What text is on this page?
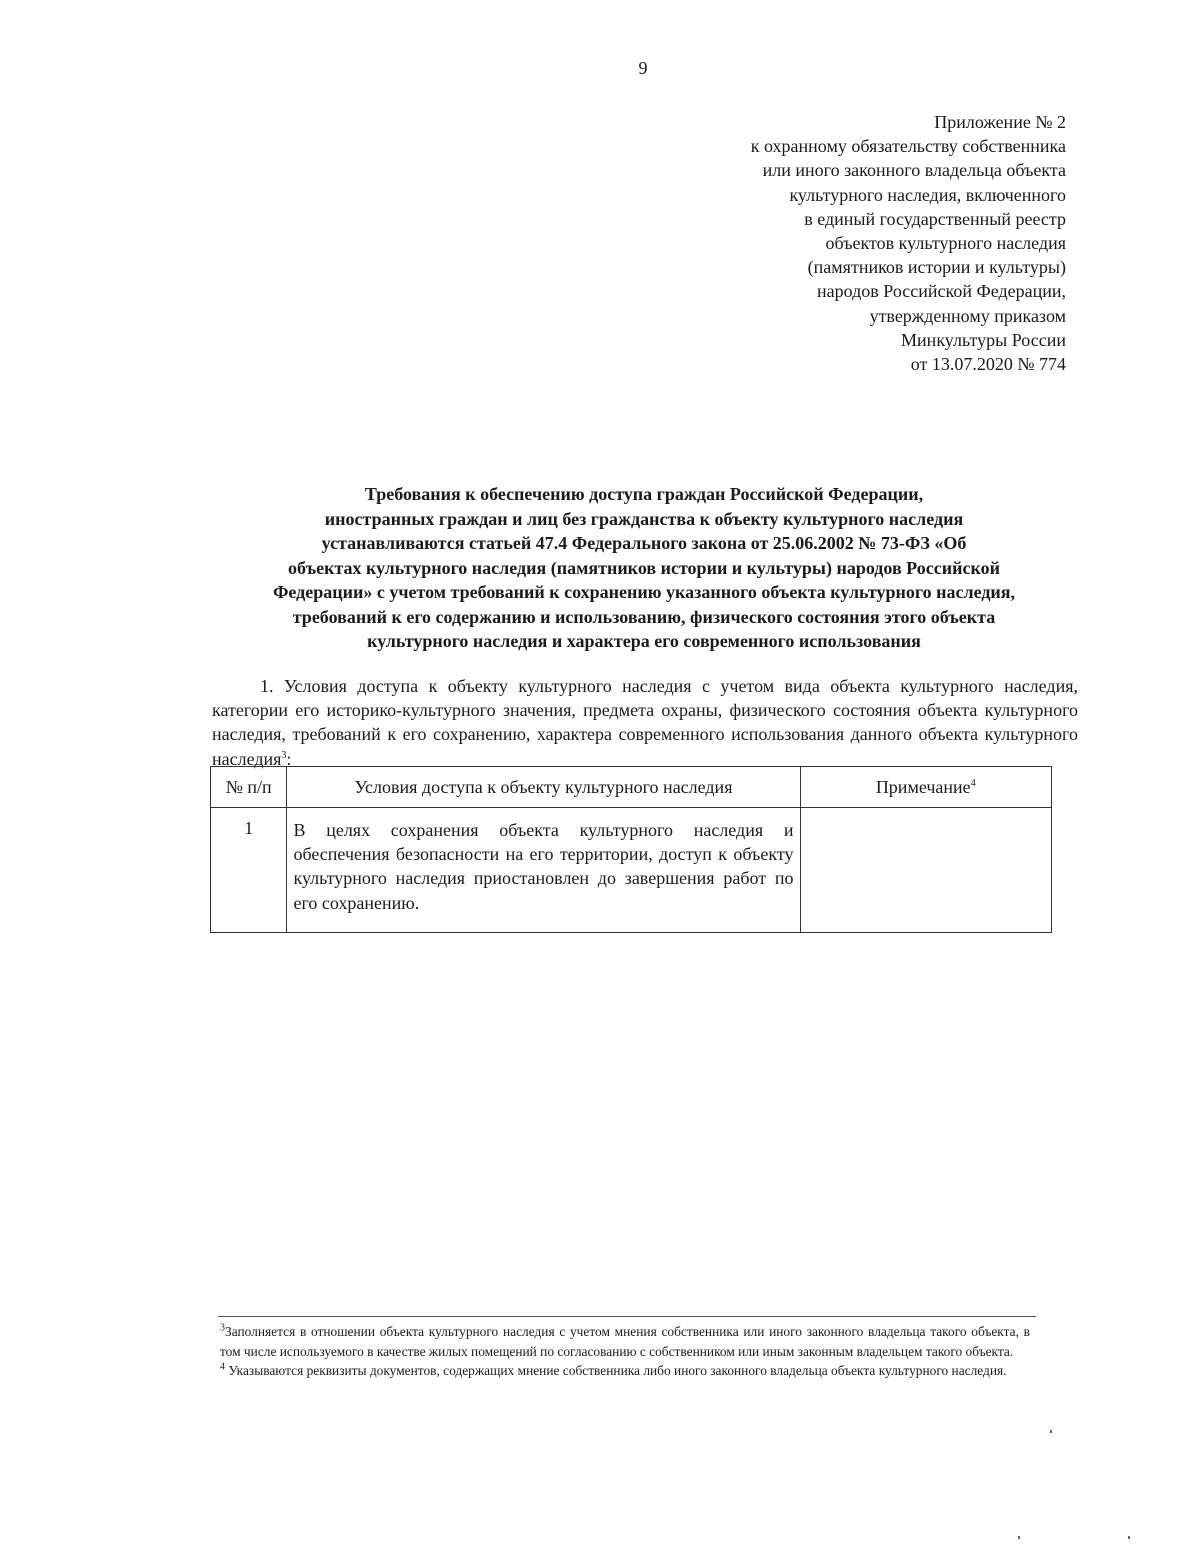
9
Приложение № 2
к охранному обязательству собственника
или иного законного владельца объекта
культурного наследия, включенного
в единый государственный реестр
объектов культурного наследия
(памятников истории и культуры)
народов Российской Федерации,
утвержденному приказом
Минкультуры России
от 13.07.2020 № 774
Требования к обеспечению доступа граждан Российской Федерации,
иностранных граждан и лиц без гражданства к объекту культурного наследия
устанавливаются статьей 47.4 Федерального закона от 25.06.2002 № 73-ФЗ «Об
объектах культурного наследия (памятников истории и культуры) народов Российской
Федерации» с учетом требований к сохранению указанного объекта культурного наследия,
требований к его содержанию и использованию, физического состояния этого объекта
культурного наследия и характера его современного использования

1. Условия доступа к объекту культурного наследия с учетом вида объекта культурного наследия, категории его историко-культурного значения, предмета охраны, физического состояния объекта культурного наследия, требований к его сохранению, характера современного использования данного объекта культурного наследия$^3$:

№ п/п	Условия доступа к объекту культурного наследия	Примечание$^4$
1	В целях сохранения объекта культурного наследия и обеспечения безопасности на его территории, доступ к объекту культурного наследия приостановлен до завершения работ по его сохранению.	

$^3$Заполняется в отношении объекта культурного наследия с учетом мнения собственника или иного законного владельца такого объекта, в том числе используемого в качестве жилых помещений по согласованию с собственником или иным законным владельцем такого объекта.

$^4$ Указываются реквизиты документов, содержащих мнение собственника либо иного законного владельца объекта культурного наследия.
